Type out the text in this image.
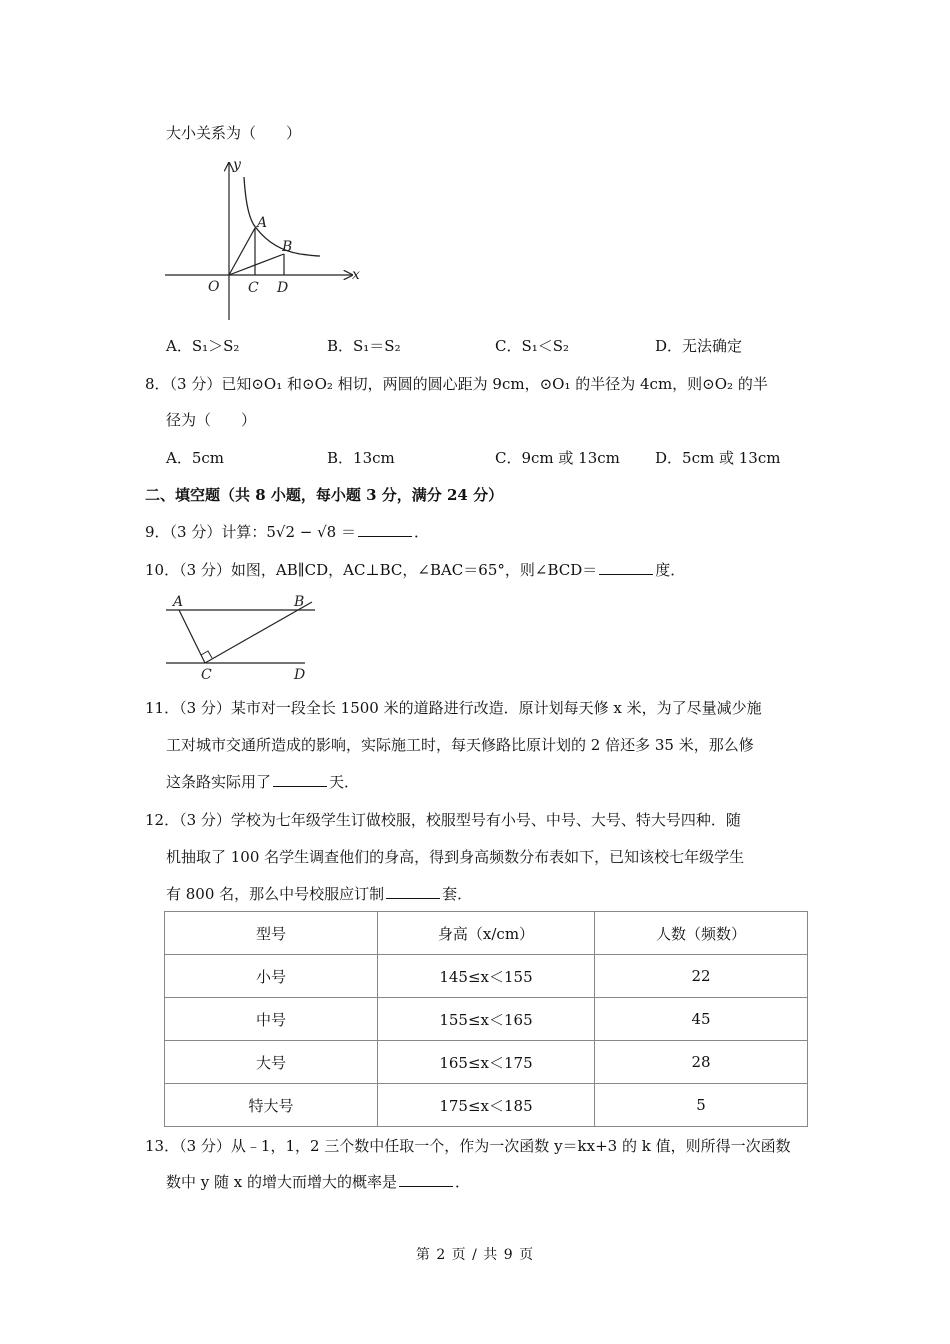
大小关系为（　　）
y
x
O
A
B
C D
A．S₁＞S₂	B．S₁＝S₂	C．S₁＜S₂	D．无法确定
8．（3 分）已知⊙O₁ 和⊙O₂ 相切，两圆的圆心距为 9cm，⊙O₁ 的半径为 4cm，则⊙O₂ 的半
径为（　　）
A．5cm	B．13cm	C．9cm 或 13cm D．5cm 或 13cm
二、填空题（共 8 小题，每小题 3 分，满分 24 分）
9．（3 分）计算：5√2 − √8 ＝	．
10．（3 分）如图，AB∥CD，AC⊥BC，∠BAC＝65°，则∠BCD＝	度．
A	B
C	D
11．（3 分）某市对一段全长 1500 米的道路进行改造．原计划每天修 x 米，为了尽量减少施
工对城市交通所造成的影响，实际施工时，每天修路比原计划的 2 倍还多 35 米，那么修
这条路实际用了	天．
12．（3 分）学校为七年级学生订做校服，校服型号有小号、中号、大号、特大号四种．随
机抽取了 100 名学生调查他们的身高，得到身高频数分布表如下，已知该校七年级学生
有 800 名，那么中号校服应订制	套．
型号	身高（x/cm）	人数（频数）
小号	145≤x＜155	22
中号	155≤x＜165	45
大号	165≤x＜175	28
特大号	175≤x＜185	5
13．（3 分）从﹣1，1，2 三个数中任取一个，作为一次函数 y＝kx+3 的 k 值，则所得一次函数
数中 y 随 x 的增大而增大的概率是	．
第 2 页 / 共 9 页
